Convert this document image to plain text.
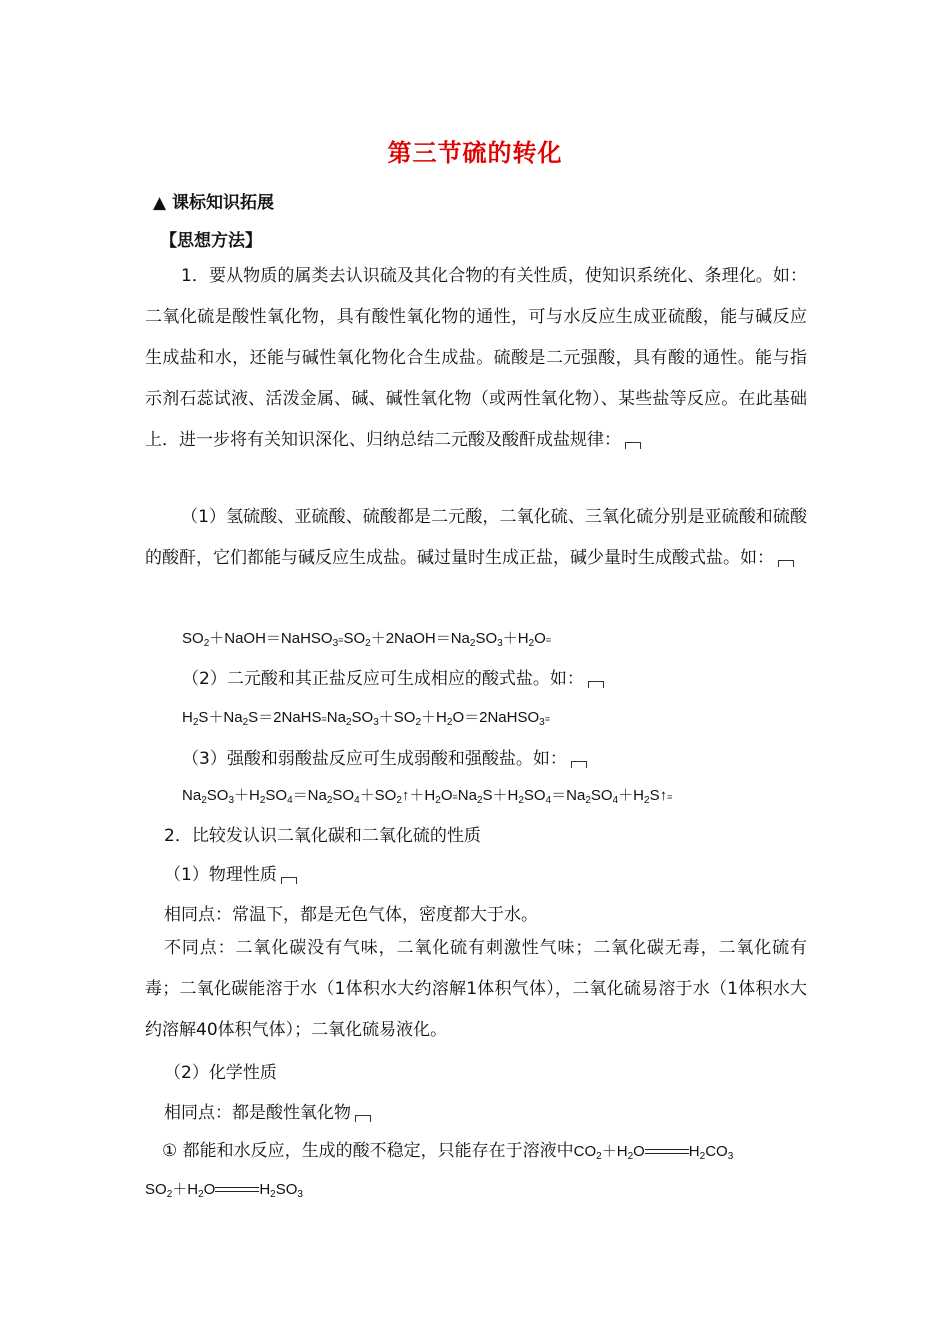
第三节硫的转化
▲ 课标知识拓展
【思想方法】
1．要从物质的属类去认识硫及其化合物的有关性质，使知识系统化、条理化。如：二氧化硫是酸性氧化物，具有酸性氧化物的通性，可与水反应生成亚硫酸，能与碱反应生成盐和水，还能与碱性氧化物化合生成盐。硫酸是二元强酸，具有酸的通性。能与指示剂石蕊试液、活泼金属、碱、碱性氧化物（或两性氧化物）、某些盐等反应。在此基础上．进一步将有关知识深化、归纳总结二元酸及酸酐成盐规律：
（1）氢硫酸、亚硫酸、硫酸都是二元酸，二氧化硫、三氧化硫分别是亚硫酸和硫酸的酸酐，它们都能与碱反应生成盐。碱过量时生成正盐，碱少量时生成酸式盐。如：
$SO_2+NaOH=NaHSO_3\equiv SO_2+2NaOH=Na_2SO_3+H_2O\equiv$
（2）二元酸和其正盐反应可生成相应的酸式盐。如：
$H_2S+Na_2S=2NaHS\equiv Na_2SO_3+SO_2+H_2O=2NaHSO_3\equiv$
（3）强酸和弱酸盐反应可生成弱酸和强酸盐。如：
$Na_2SO_3+H_2SO_4=Na_2SO_4+SO_2↑+H_2O\equiv Na_2S+H_2SO_4=Na_2SO_4+H_2S↑\equiv$
2．比较发认识二氧化碳和二氧化硫的性质
（1）物理性质
相同点：常温下，都是无色气体，密度都大于水。
不同点：二氧化碳没有气味，二氧化硫有刺激性气味；二氧化碳无毒，二氧化硫有毒；二氧化碳能溶于水（1体积水大约溶解1体积气体），二氧化硫易溶于水（1体积水大约溶解40体积气体）；二氧化硫易液化。
（2）化学性质
相同点：都是酸性氧化物
① 都能和水反应，生成的酸不稳定，只能存在于溶液中$CO_2+H_2O$	$H_2CO_3$
$SO_2+H_2O$	$H_2SO_3$
